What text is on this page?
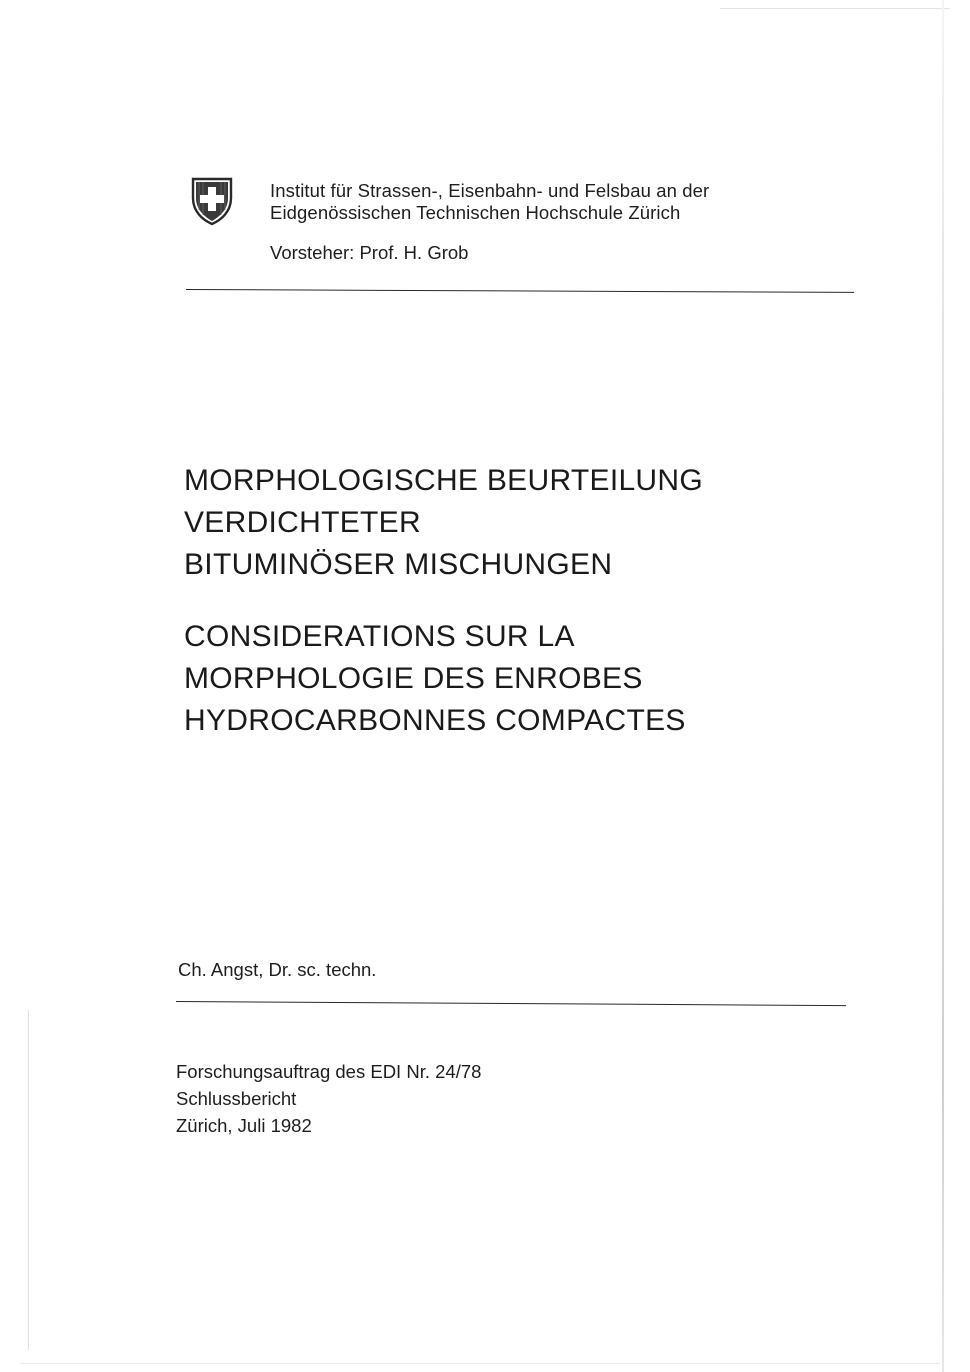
Institut für Strassen-, Eisenbahn- und Felsbau an der
Eidgenössischen Technischen Hochschule Zürich
Vorsteher: Prof. H. Grob
MORPHOLOGISCHE BEURTEILUNG
VERDICHTETER
BITUMINÖSER MISCHUNGEN
CONSIDERATIONS SUR LA
MORPHOLOGIE DES ENROBES
HYDROCARBONNES COMPACTES
Ch. Angst, Dr. sc. techn.
Forschungsauftrag des EDI Nr. 24/78
Schlussbericht
Zürich, Juli 1982
